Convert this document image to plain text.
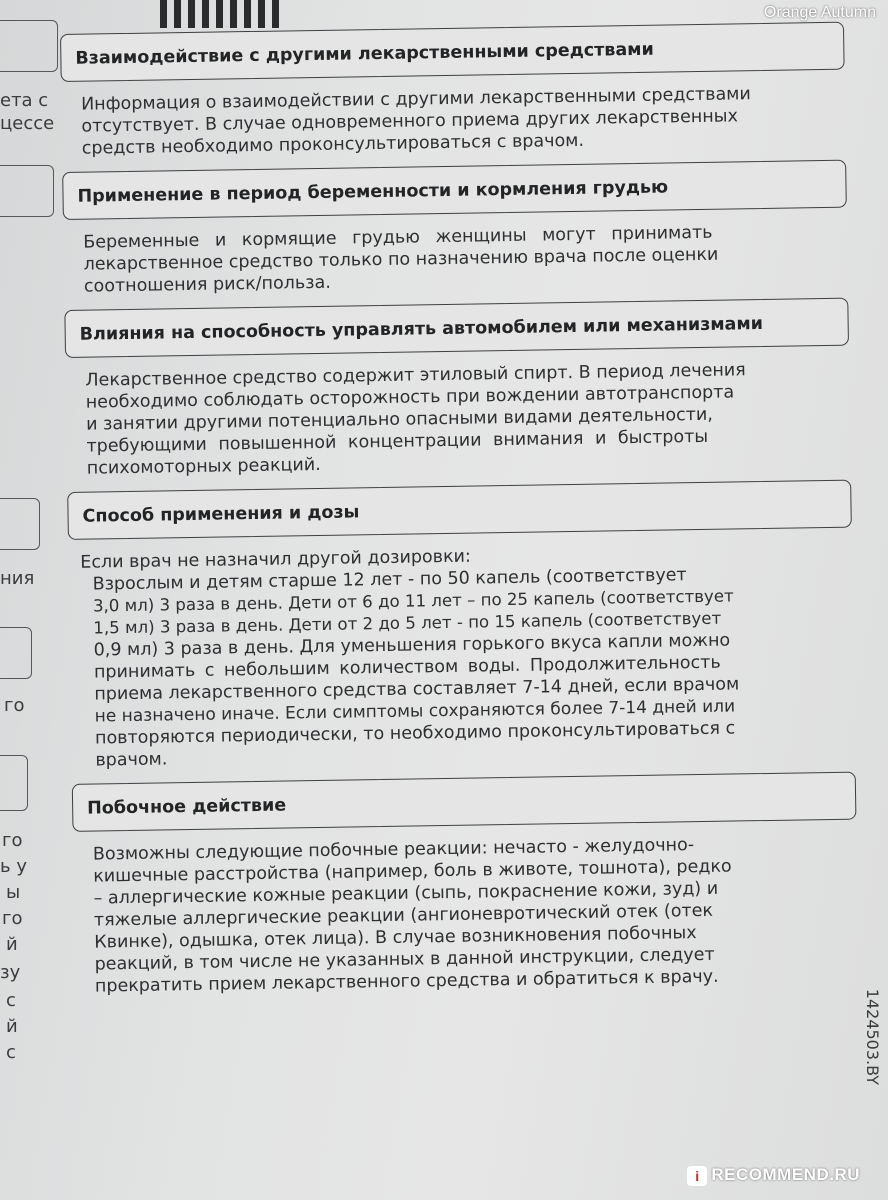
ета с
цессе
ния
го
го
ь у
ы
го
й
зу
с
й
с
Orange Autumn
Взаимодействие с другими лекарственными средствами
Информация о взаимодействии с другими лекарственными средствами
отсутствует. В случае одновременного приема других лекарственных
средств необходимо проконсультироваться с врачом.
Применение в период беременности и кормления грудью
Беременные и кормящие грудью женщины могут принимать
лекарственное средство только по назначению врача после оценки
соотношения риск/польза.
Влияния на способность управлять автомобилем или механизмами
Лекарственное средство содержит этиловый спирт. В период лечения
необходимо соблюдать осторожность при вождении автотранспорта
и занятии другими потенциально опасными видами деятельности,
требующими повышенной концентрации внимания и быстроты
психомоторных реакций.
Способ применения и дозы
Если врач не назначил другой дозировки:
Взрослым и детям старше 12 лет - по 50 капель (соответствует
3,0 мл) 3 раза в день. Дети от 6 до 11 лет – по 25 капель (соответствует
1,5 мл) 3 раза в день. Дети от 2 до 5 лет - по 15 капель (соответствует
0,9 мл) 3 раза в день. Для уменьшения горького вкуса капли можно
принимать с небольшим количеством воды. Продолжительность
приема лекарственного средства составляет 7-14 дней, если врачом
не назначено иначе. Если симптомы сохраняются более 7-14 дней или
повторяются периодически, то необходимо проконсультироваться с
врачом.
Побочное действие
Возможны следующие побочные реакции: нечасто - желудочно-
кишечные расстройства (например, боль в животе, тошнота), редко
– аллергические кожные реакции (сыпь, покраснение кожи, зуд) и
тяжелые аллергические реакции (ангионевротический отек (отек
Квинке), одышка, отек лица). В случае возникновения побочных
реакций, в том числе не указанных в данной инструкции, следует
прекратить прием лекарственного средства и обратиться к врачу.
1424503.BY
i RECOMMEND.RU
